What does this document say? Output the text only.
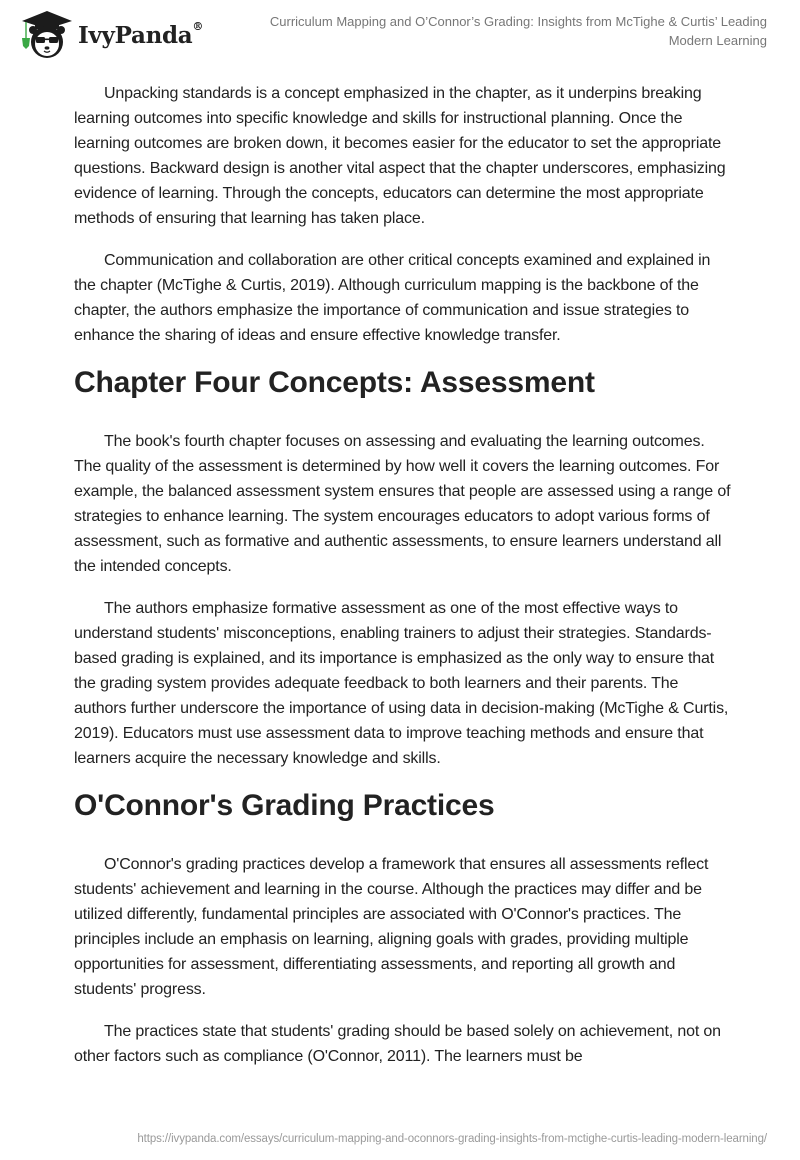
IvyPanda®	Curriculum Mapping and O’Connor’s Grading: Insights from McTighe & Curtis’ Leading Modern Learning

Unpacking standards is a concept emphasized in the chapter, as it underpins breaking learning outcomes into specific knowledge and skills for instructional planning. Once the learning outcomes are broken down, it becomes easier for the educator to set the appropriate questions. Backward design is another vital aspect that the chapter underscores, emphasizing evidence of learning. Through the concepts, educators can determine the most appropriate methods of ensuring that learning has taken place.

Communication and collaboration are other critical concepts examined and explained in the chapter (McTighe & Curtis, 2019). Although curriculum mapping is the backbone of the chapter, the authors emphasize the importance of communication and issue strategies to enhance the sharing of ideas and ensure effective knowledge transfer.

Chapter Four Concepts: Assessment

The book's fourth chapter focuses on assessing and evaluating the learning outcomes. The quality of the assessment is determined by how well it covers the learning outcomes. For example, the balanced assessment system ensures that people are assessed using a range of strategies to enhance learning. The system encourages educators to adopt various forms of assessment, such as formative and authentic assessments, to ensure learners understand all the intended concepts.

The authors emphasize formative assessment as one of the most effective ways to understand students' misconceptions, enabling trainers to adjust their strategies. Standards-based grading is explained, and its importance is emphasized as the only way to ensure that the grading system provides adequate feedback to both learners and their parents. The authors further underscore the importance of using data in decision-making (McTighe & Curtis, 2019). Educators must use assessment data to improve teaching methods and ensure that learners acquire the necessary knowledge and skills.

O'Connor's Grading Practices

O'Connor's grading practices develop a framework that ensures all assessments reflect students' achievement and learning in the course. Although the practices may differ and be utilized differently, fundamental principles are associated with O'Connor's practices. The principles include an emphasis on learning, aligning goals with grades, providing multiple opportunities for assessment, differentiating assessments, and reporting all growth and students' progress.

The practices state that students' grading should be based solely on achievement, not on other factors such as compliance (O'Connor, 2011). The learners must be

https://ivypanda.com/essays/curriculum-mapping-and-oconnors-grading-insights-from-mctighe-curtis-leading-modern-learning/
